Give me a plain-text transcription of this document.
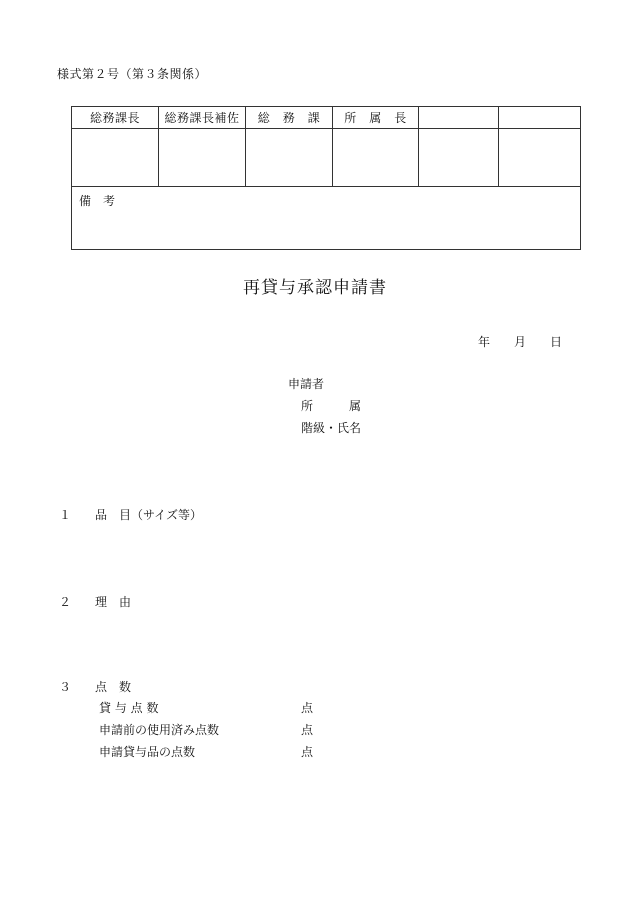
様式第２号（第３条関係）
総務課長	総務課長補佐	総　務　課	所　属　長		

備　考					
再貸与承認申請書
年　　月　　日
申請者
所　　　属
階級・氏名
１　　品　目（サイズ等）
２　　理　由
３　　点　数
貸 与 点 数	点
申請前の使用済み点数	点
申請貸与品の点数	点
